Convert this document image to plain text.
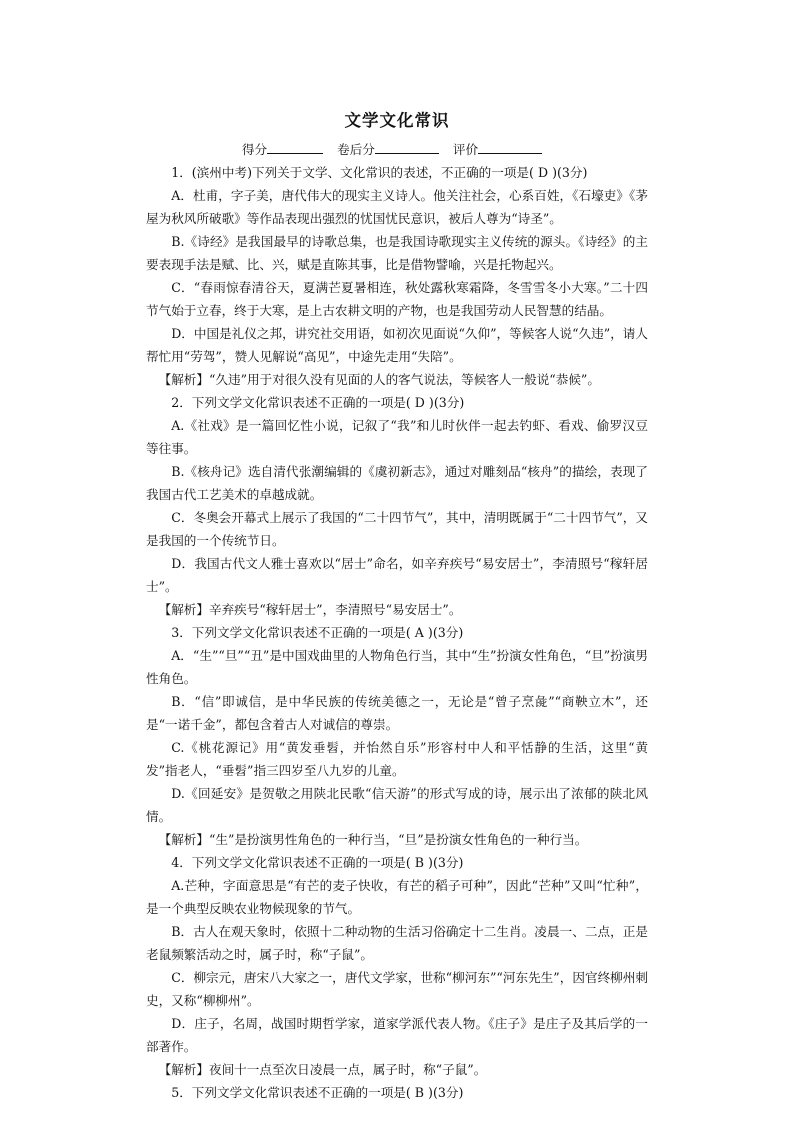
文学文化常识
得分	卷后分	评价

1．(滨州中考)下列关于文学、文化常识的表述，不正确的一项是( D )(3分)

A．杜甫，字子美，唐代伟大的现实主义诗人。他关注社会，心系百姓，《石壕吏》《茅屋为秋风所破歌》等作品表现出强烈的忧国忧民意识，被后人尊为“诗圣”。

B.《诗经》是我国最早的诗歌总集，也是我国诗歌现实主义传统的源头。《诗经》的主要表现手法是赋、比、兴，赋是直陈其事，比是借物譬喻，兴是托物起兴。

C．“春雨惊春清谷天，夏满芒夏暑相连，秋处露秋寒霜降，冬雪雪冬小大寒。”二十四节气始于立春，终于大寒，是上古农耕文明的产物，也是我国劳动人民智慧的结晶。

D．中国是礼仪之邦，讲究社交用语，如初次见面说“久仰”，等候客人说“久违”，请人帮忙用“劳驾”，赞人见解说“高见”，中途先走用“失陪”。

【解析】“久违”用于对很久没有见面的人的客气说法，等候客人一般说“恭候”。

2．下列文学文化常识表述不正确的一项是( D )(3分)

A.《社戏》是一篇回忆性小说，记叙了“我”和儿时伙伴一起去钓虾、看戏、偷罗汉豆等往事。

B.《核舟记》选自清代张潮编辑的《虞初新志》，通过对雕刻品“核舟”的描绘，表现了我国古代工艺美术的卓越成就。

C．冬奥会开幕式上展示了我国的“二十四节气”，其中，清明既属于“二十四节气”，又是我国的一个传统节日。

D．我国古代文人雅士喜欢以“居士”命名，如辛弃疾号“易安居士”，李清照号“稼轩居士”。

【解析】辛弃疾号“稼轩居士”，李清照号“易安居士”。

3．下列文学文化常识表述不正确的一项是( A )(3分)

A．“生”“旦”“丑”是中国戏曲里的人物角色行当，其中“生”扮演女性角色，“旦”扮演男性角色。

B．“信”即诚信，是中华民族的传统美德之一，无论是“曾子烹彘”“商鞅立木”，还是“一诺千金”，都包含着古人对诚信的尊崇。

C.《桃花源记》用“黄发垂髫，并怡然自乐”形容村中人和平恬静的生活，这里“黄发”指老人，“垂髫”指三四岁至八九岁的儿童。

D.《回延安》是贺敬之用陕北民歌“信天游”的形式写成的诗，展示出了浓郁的陕北风情。

【解析】“生”是扮演男性角色的一种行当，“旦”是扮演女性角色的一种行当。

4．下列文学文化常识表述不正确的一项是( B )(3分)

A.芒种，字面意思是“有芒的麦子快收，有芒的稻子可种”，因此“芒种”又叫“忙种”，是一个典型反映农业物候现象的节气。

B．古人在观天象时，依照十二种动物的生活习俗确定十二生肖。凌晨一、二点，正是老鼠频繁活动之时，属子时，称“子鼠”。

C．柳宗元，唐宋八大家之一，唐代文学家，世称“柳河东”“河东先生”，因官终柳州刺史，又称“柳柳州”。

D．庄子，名周，战国时期哲学家，道家学派代表人物。《庄子》是庄子及其后学的一部著作。

【解析】夜间十一点至次日凌晨一点，属子时，称“子鼠”。

5．下列文学文化常识表述不正确的一项是( B )(3分)
